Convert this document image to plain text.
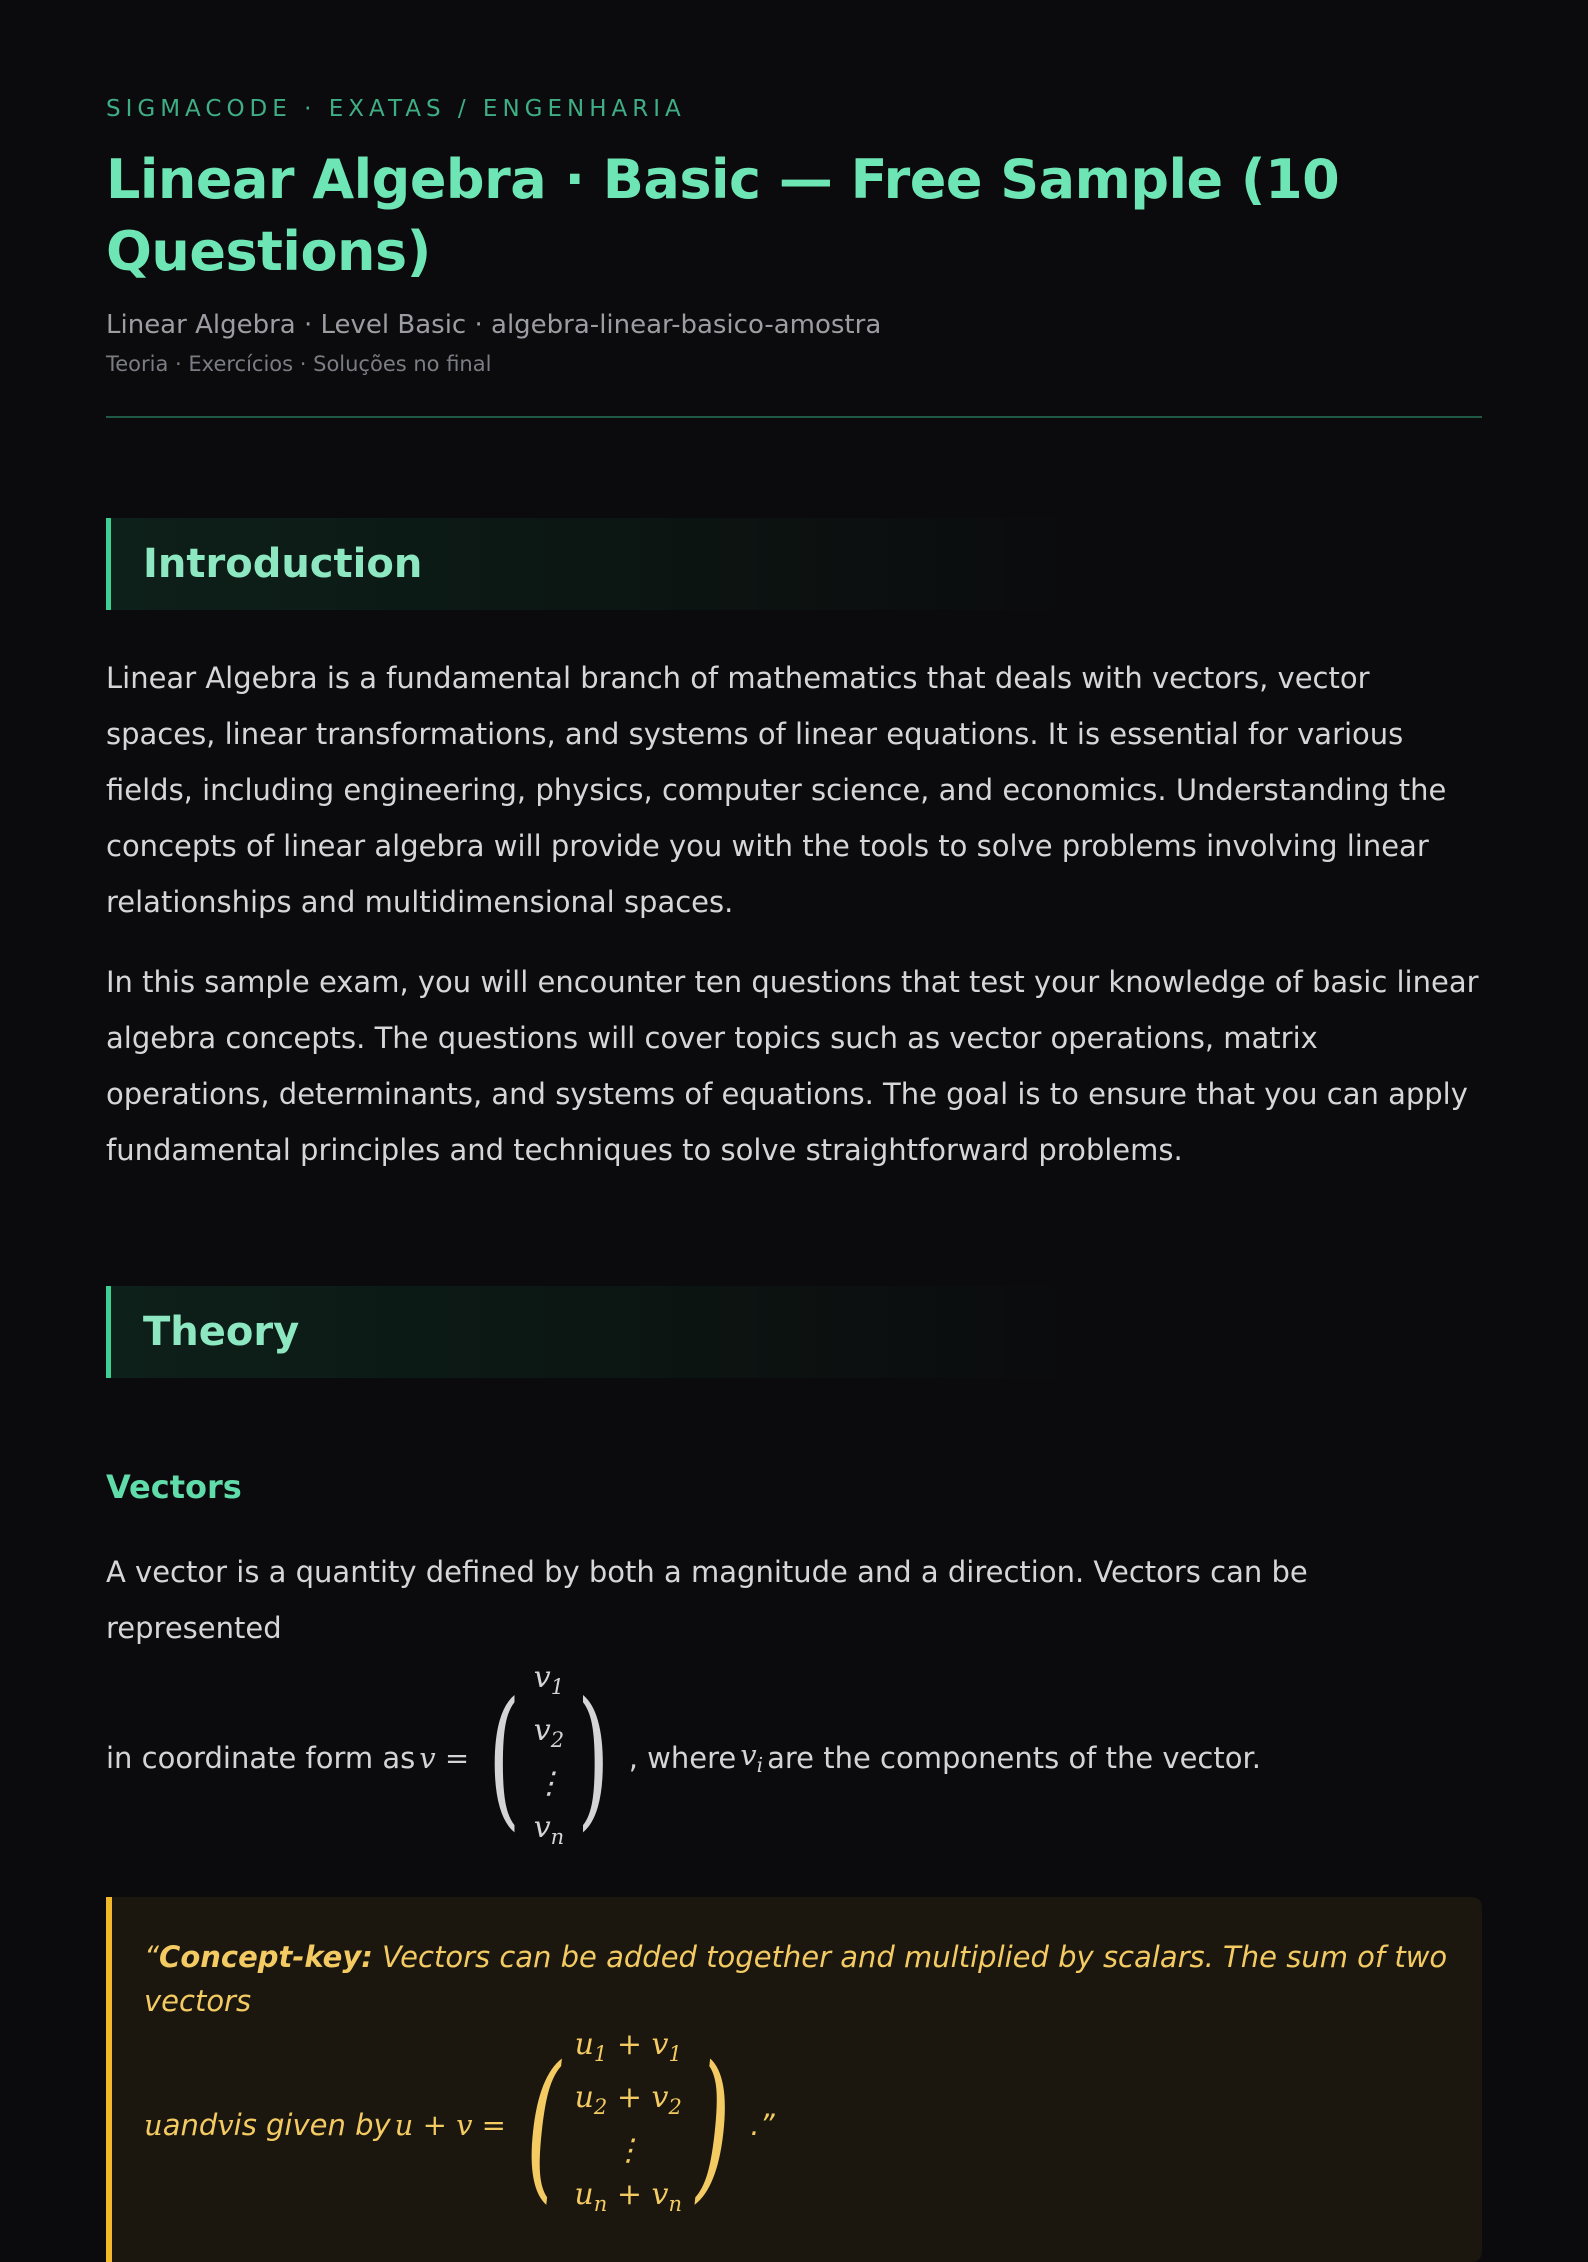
SIGMACODE · EXATAS / ENGENHARIA
Linear Algebra · Basic — Free Sample (10 Questions)
Linear Algebra · Level Basic · algebra-linear-basico-amostra
Teoria · Exercícios · Soluções no final
Introduction

Linear Algebra is a fundamental branch of mathematics that deals with vectors, vector spaces, linear transformations, and systems of linear equations. It is essential for various fields, including engineering, physics, computer science, and economics. Understanding the concepts of linear algebra will provide you with the tools to solve problems involving linear relationships and multidimensional spaces.

In this sample exam, you will encounter ten questions that test your knowledge of basic linear algebra concepts. The questions will cover topics such as vector operations, matrix operations, determinants, and systems of equations. The goal is to ensure that you can apply fundamental principles and techniques to solve straightforward problems.

Theory
Vectors

A vector is a quantity defined by both a magnitude and a direction. Vectors can be represented

in coordinate form as v = ( $v_1$
$v_2$
⋮
$v_n$ ) , where $v_i$ are the components of the vector.
“Concept-key: Vectors can be added together and multiplied by scalars. The sum of two vectors
u and v is given by u + v = ( $u_1 + v_1$
$u_2 + v_2$
⋮
$u_n + v_n$ ) .”
